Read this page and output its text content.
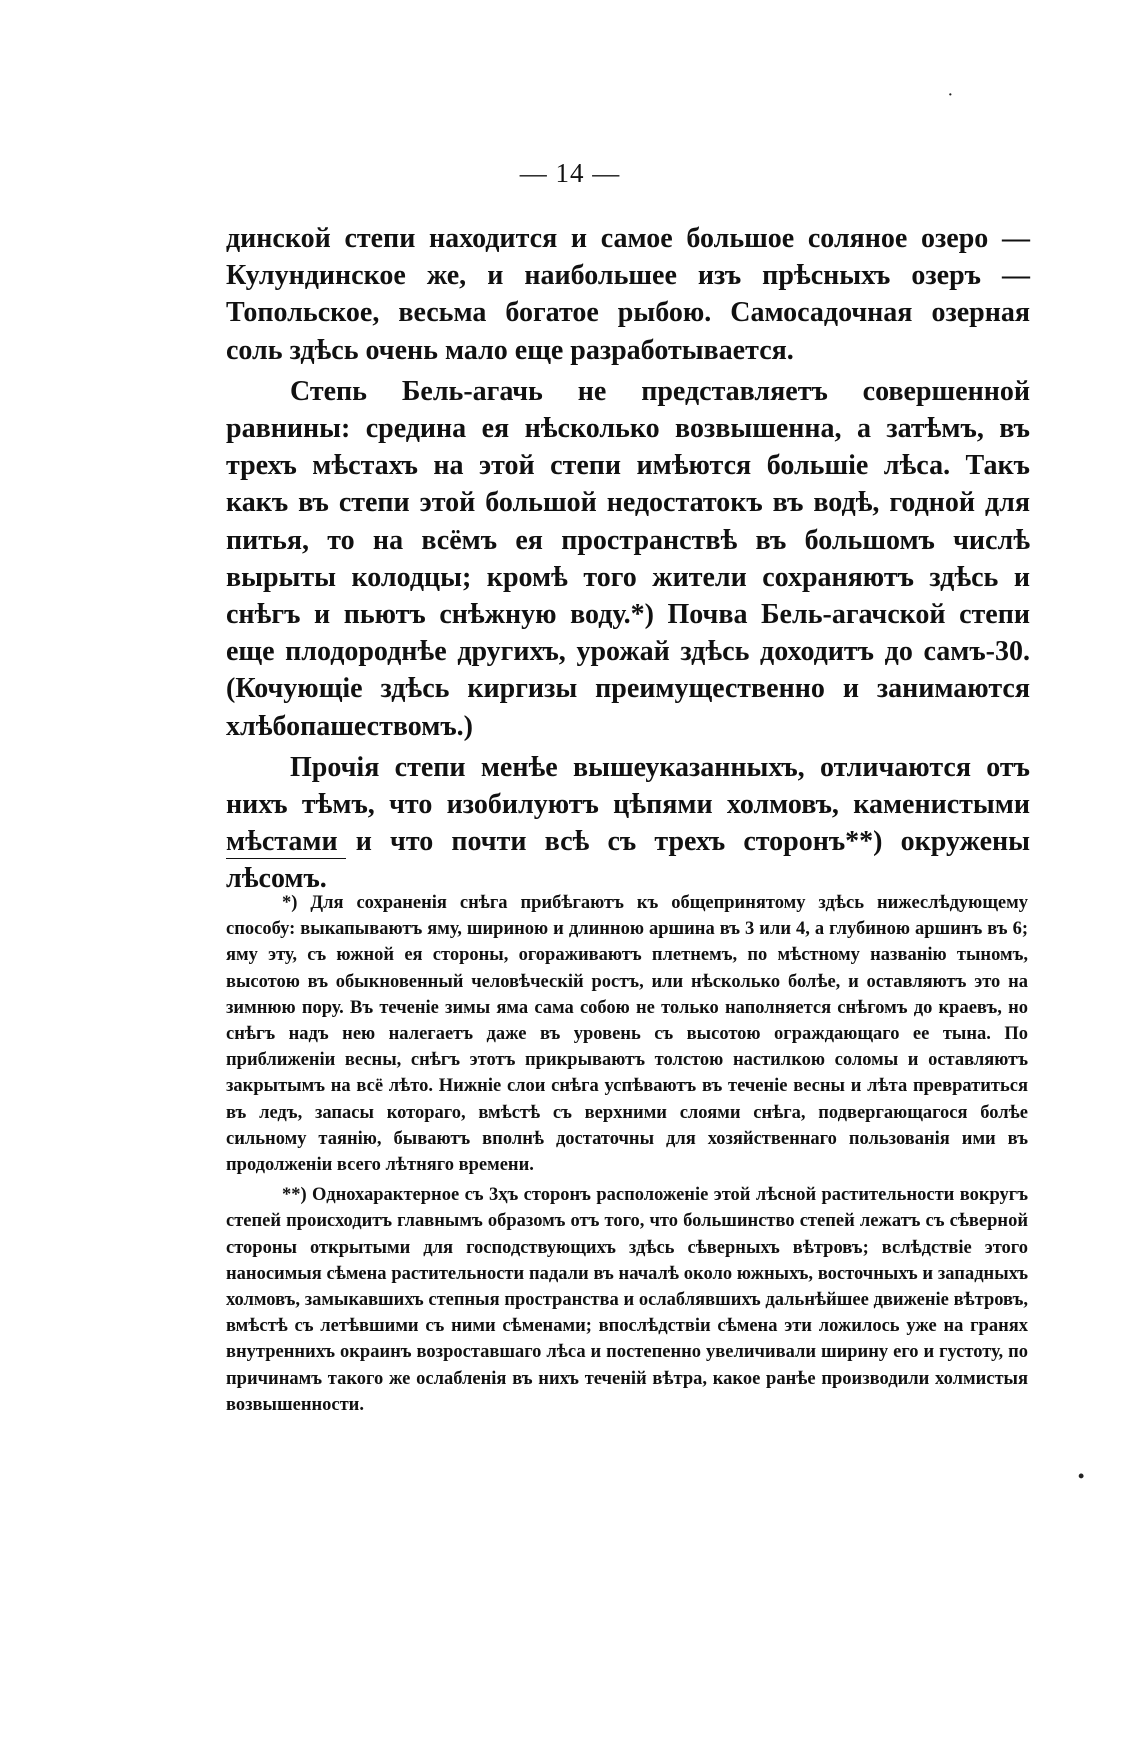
·
— 14 —

динской степи находится и самое большое соляное озеро — Кулундинское же, и наибольшее изъ прѣсныхъ озеръ — Топольское, весьма богатое рыбою. Самосадочная озерная соль здѣсь очень мало еще разработывается.

Степь Бель-агачь не представляетъ совершенной равнины: средина ея нѣсколько возвышенна, а затѣмъ, въ трехъ мѣстахъ на этой степи имѣются большіе лѣса. Такъ какъ въ степи этой большой недостатокъ въ водѣ, годной для питья, то на всёмъ ея пространствѣ въ большомъ числѣ вырыты колодцы; кромѣ того жители сохраняютъ здѣсь и снѣгъ и пьютъ снѣжную воду.*) Почва Бель-агачской степи еще плодороднѣе другихъ, урожай здѣсь доходитъ до самъ-30. (Кочующіе здѣсь киргизы преимущественно и занимаются хлѣбопашествомъ.)

Прочія степи менѣе вышеуказанныхъ, отличаются отъ нихъ тѣмъ, что изобилуютъ цѣпями холмовъ, каменистыми мѣстами и что почти всѣ съ трехъ сторонъ**) окружены лѣсомъ.

*) Для сохраненія снѣга прибѣгаютъ къ общепринятому здѣсь нижеслѣдующему способу: выкапываютъ яму, шириною и длинною аршина въ 3 или 4, а глубиною аршинъ въ 6; яму эту, съ южной ея стороны, огораживаютъ плетнемъ, по мѣстному названію тыномъ, высотою въ обыкновенный человѣческій ростъ, или нѣсколько болѣе, и оставляютъ это на зимнюю пору. Въ теченіе зимы яма сама собою не только наполняется снѣгомъ до краевъ, но снѣгъ надъ нею налегаетъ даже въ уровень съ высотою ограждающаго ее тына. По приближеніи весны, снѣгъ этотъ прикрываютъ толстою настилкою соломы и оставляютъ закрытымъ на всё лѣто. Нижніе слои снѣга успѣваютъ въ теченіе весны и лѣта превратиться въ ледъ, запасы котораго, вмѣстѣ съ верхними слоями снѣга, подвергающагося болѣе сильному таянію, бываютъ вполнѣ достаточны для хозяйственнаго пользованія ими въ продолженіи всего лѣтняго времени.

**) Однохарактерное съ 3ҳъ сторонъ расположеніе этой лѣсной растительности вокругъ степей происходитъ главнымъ образомъ отъ того, что большинство степей лежатъ съ сѣверной стороны открытыми для господствующихъ здѣсь сѣверныхъ вѣтровъ; вслѣдствіе этого наносимыя сѣмена растительности падали въ началѣ около южныхъ, восточныхъ и западныхъ холмовъ, замыкавшихъ степныя пространства и ослаблявшихъ дальнѣйшее движеніе вѣтровъ, вмѣстѣ съ летѣвшими съ ними сѣменами; впослѣдствіи сѣмена эти ложилось уже на гранях внутреннихъ окраинъ возроставшаго лѣса и постепенно увеличивали ширину его и густоту, по причинамъ такого же ослабленія въ нихъ теченій вѣтра, какое ранѣе производили холмистыя возвышенности.

•
